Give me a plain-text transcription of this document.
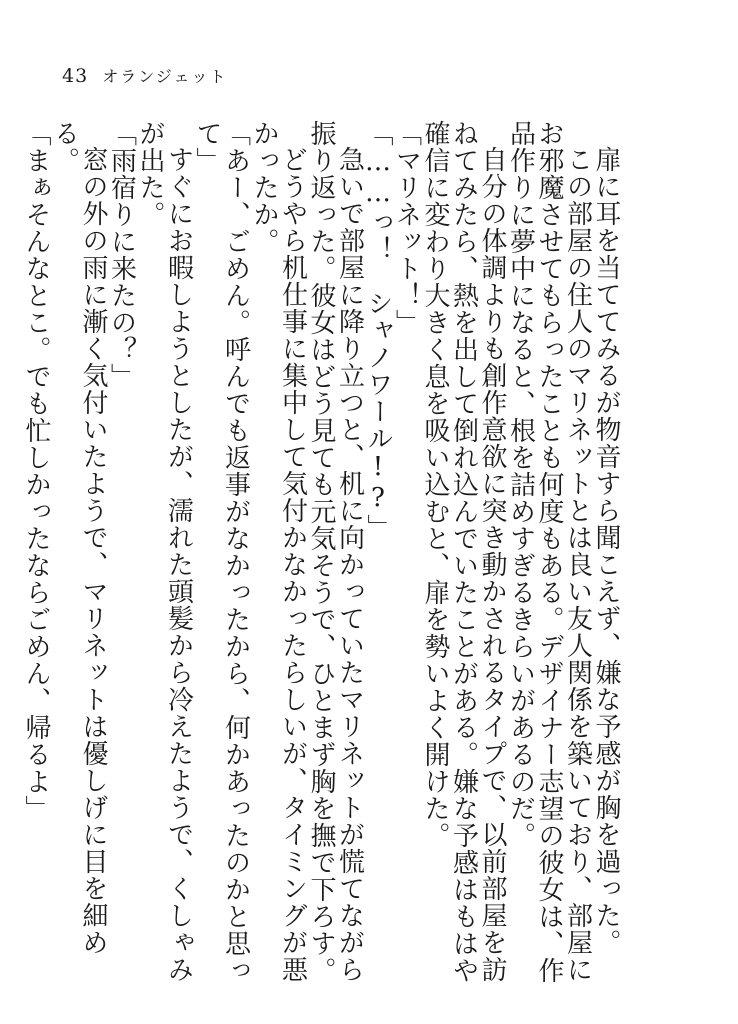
43 オランジェット

扉に耳を当ててみるが物音すら聞こえず、嫌な予感が胸を過った。

この部屋の住人のマリネットとは良い友人関係を築いており、部屋にお邪魔させてもらったことも何度もある。デザイナー志望の彼女は、作品作りに夢中になると、根を詰めすぎるきらいがあるのだ。

自分の体調よりも創作意欲に突き動かされるタイプで、以前部屋を訪ねてみたら、熱を出して倒れ込んでいたことがある。嫌な予感はもはや確信に変わり大きく息を吸い込むと、扉を勢いよく開けた。

「マリネット！」

「……っ！　シャノワール!?」

急いで部屋に降り立つと、机に向かっていたマリネットが慌てながら振り返った。彼女はどう見ても元気そうで、ひとまず胸を撫で下ろす。

どうやら机仕事に集中して気付かなかったらしいが、タイミングが悪かったか。

「あー、ごめん。呼んでも返事がなかったから、何かあったのかと思って」

すぐにお暇しようとしたが、濡れた頭髪から冷えたようで、くしゃみが出た。

「雨宿りに来たの？」

窓の外の雨に漸く気付いたようで、マリネットは優しげに目を細める。

「まぁそんなとこ。でも忙しかったならごめん、帰るよ」
